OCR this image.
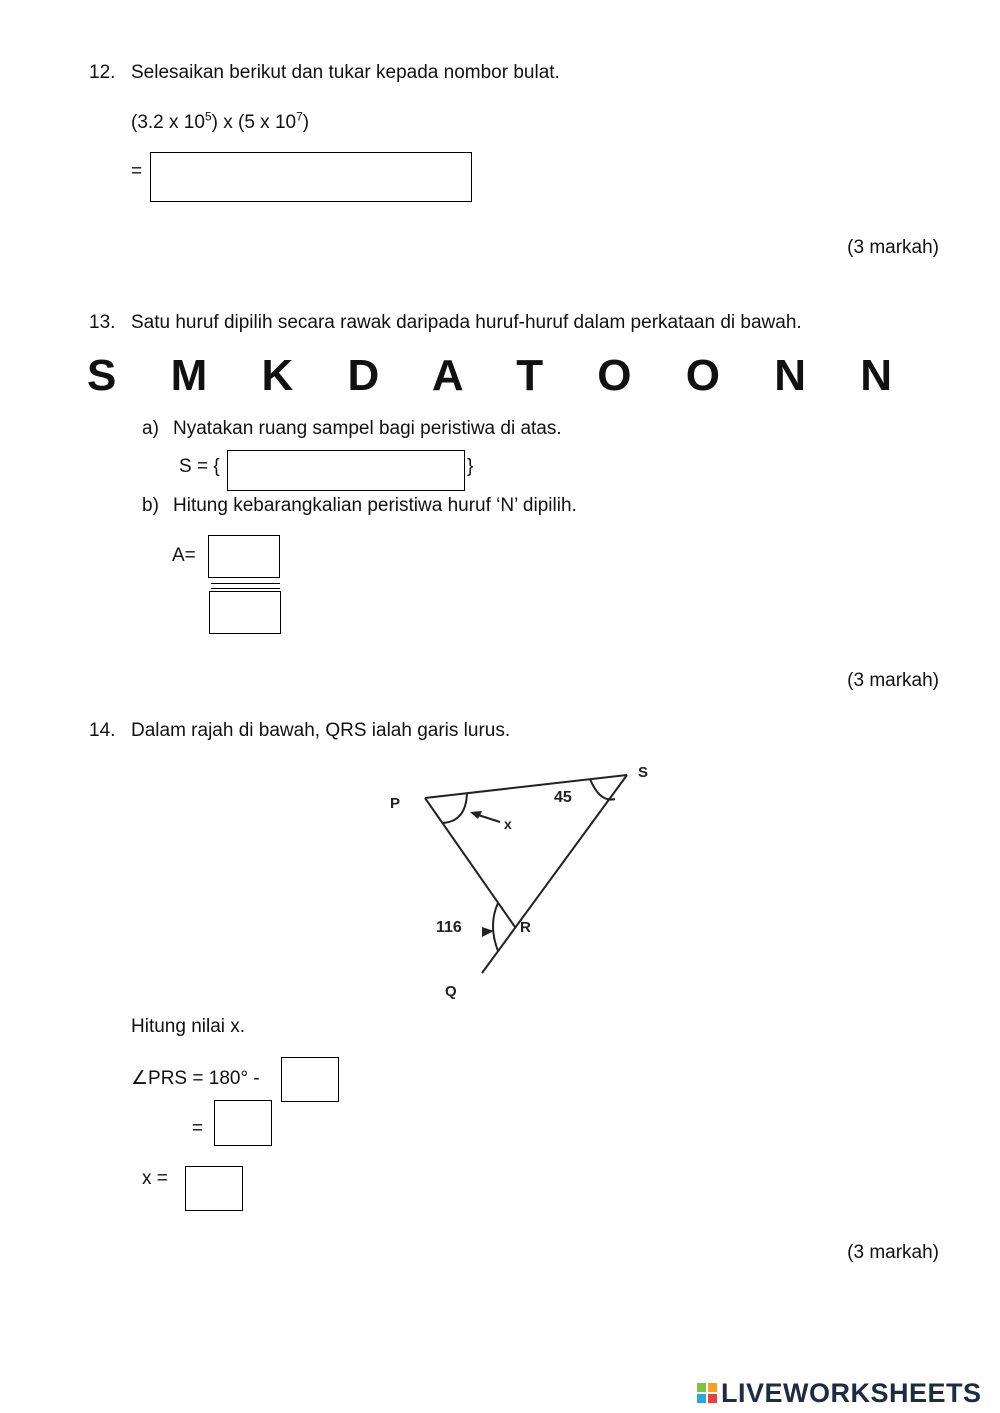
12. Selesaikan berikut dan tukar kepada nombor bulat.
(3.2 x $10^5$) x (5 x $10^7$)
=
(3 markah)
13. Satu huruf dipilih secara rawak daripada huruf-huruf dalam perkataan di bawah.
S M K D A T O O N N
a) Nyatakan ruang sampel bagi peristiwa di atas.
S = {	}
b) Hitung kebarangkalian peristiwa huruf ‘N’ dipilih.
A=
(3 markah)
14. Dalam rajah di bawah, QRS ialah garis lurus.
P
S
R
Q
x
45
116
Hitung nilai x.
∠PRS = 180° -
=
x =
(3 markah)
LIVEWORKSHEETS
